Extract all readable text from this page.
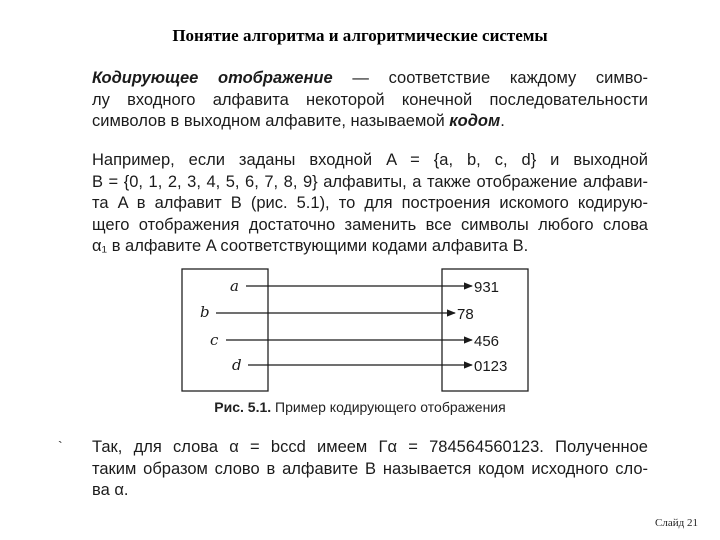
Понятие алгоритма и алгоритмические системы
Кодирующее отображение — соответствие каждому симво-
лу входного алфавита некоторой конечной последовательности
символов в выходном алфавите, называемой кодом.
Например, если заданы входной A = {a, b, c, d} и выходной
B = {0, 1, 2, 3, 4, 5, 6, 7, 8, 9} алфавиты, а также отображение алфави-
та A в алфавит B (рис. 5.1), то для построения искомого кодирую-
щего отображения достаточно заменить все символы любого слова
α₁ в алфавите A соответствующими кодами алфавита B.
a
b
c
d
931
78
456
0123
Рис. 5.1. Пример кодирующего отображения
` Так, для слова α = bccd имеем Гα = 784564560123. Полученное
таким образом слово в алфавите B называется кодом исходного сло-
ва α.
Слайд 21
